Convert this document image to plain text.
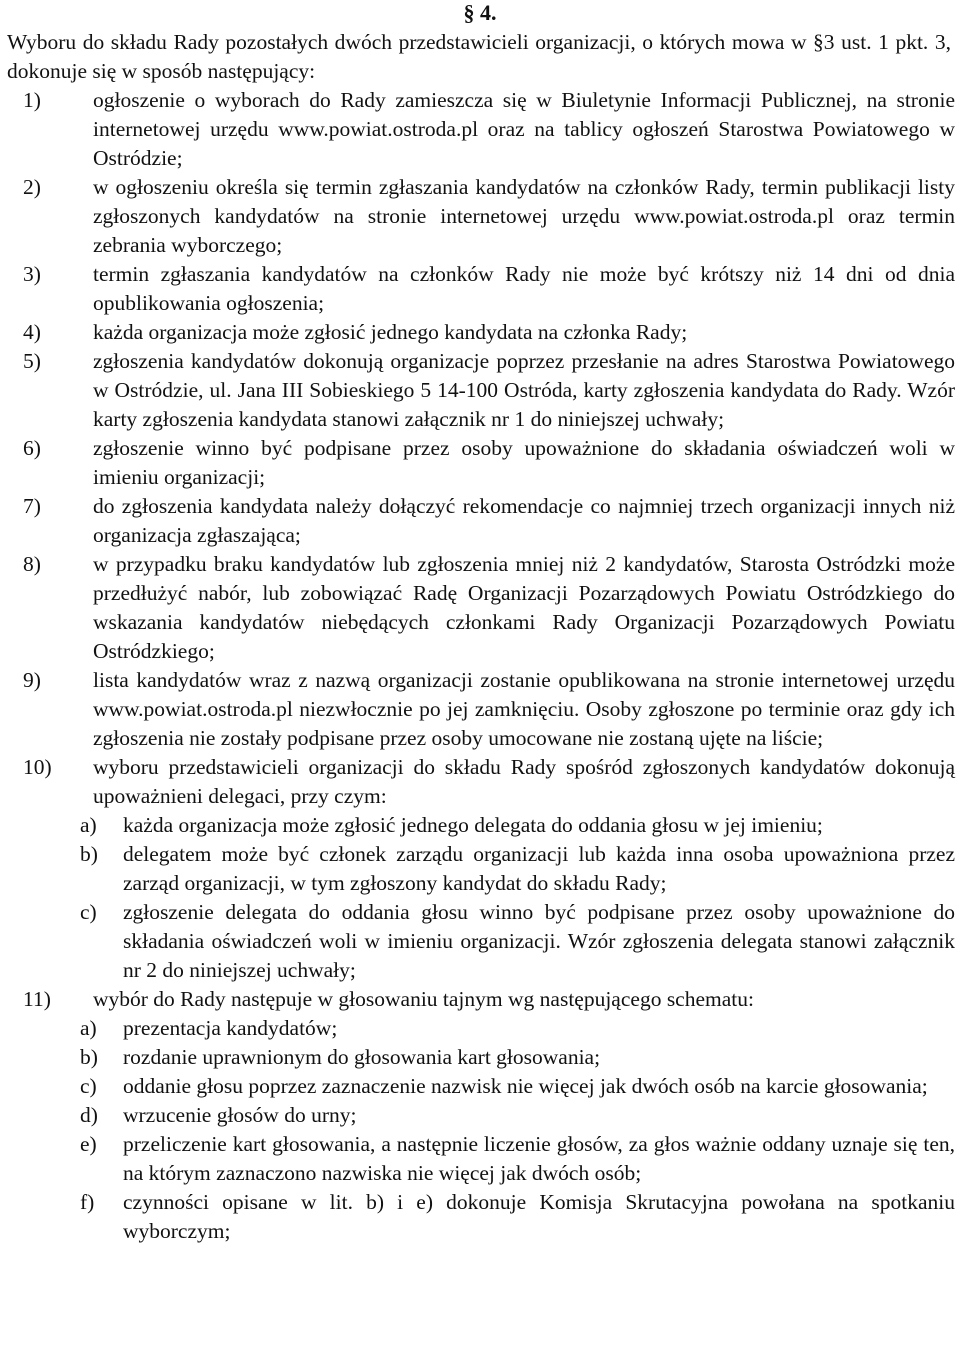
§ 4.
Wyboru do składu Rady pozostałych dwóch przedstawicieli organizacji, o których mowa w §3 ust. 1 pkt. 3, dokonuje się w sposób następujący:
1) ogłoszenie o wyborach do Rady zamieszcza się w Biuletynie Informacji Publicznej, na stronie internetowej urzędu www.powiat.ostroda.pl oraz na tablicy ogłoszeń Starostwa Powiatowego w Ostródzie;
2) w ogłoszeniu określa się termin zgłaszania kandydatów na członków Rady, termin publikacji listy zgłoszonych kandydatów na stronie internetowej urzędu www.powiat.ostroda.pl oraz termin zebrania wyborczego;
3) termin zgłaszania kandydatów na członków Rady nie może być krótszy niż 14 dni od dnia opublikowania ogłoszenia;
4) każda organizacja może zgłosić jednego kandydata na członka Rady;
5) zgłoszenia kandydatów dokonują organizacje poprzez przesłanie na adres Starostwa Powiatowego w Ostródzie, ul. Jana III Sobieskiego 5 14-100 Ostróda, karty zgłoszenia kandydata do Rady. Wzór karty zgłoszenia kandydata stanowi załącznik nr 1 do niniejszej uchwały;
6) zgłoszenie winno być podpisane przez osoby upoważnione do składania oświadczeń woli w imieniu organizacji;
7) do zgłoszenia kandydata należy dołączyć rekomendacje co najmniej trzech organizacji innych niż organizacja zgłaszająca;
8) w przypadku braku kandydatów lub zgłoszenia mniej niż 2 kandydatów, Starosta Ostródzki może przedłużyć nabór, lub zobowiązać Radę Organizacji Pozarządowych Powiatu Ostródzkiego do wskazania kandydatów niebędących członkami Rady Organizacji Pozarządowych Powiatu Ostródzkiego;
9) lista kandydatów wraz z nazwą organizacji zostanie opublikowana na stronie internetowej urzędu www.powiat.ostroda.pl niezwłocznie po jej zamknięciu. Osoby zgłoszone po terminie oraz gdy ich zgłoszenia nie zostały podpisane przez osoby umocowane nie zostaną ujęte na liście;
10) wyboru przedstawicieli organizacji do składu Rady spośród zgłoszonych kandydatów dokonują upoważnieni delegaci, przy czym:
a) każda organizacja może zgłosić jednego delegata do oddania głosu w jej imieniu;
b) delegatem może być członek zarządu organizacji lub każda inna osoba upoważniona przez zarząd organizacji, w tym zgłoszony kandydat do składu Rady;
c) zgłoszenie delegata do oddania głosu winno być podpisane przez osoby upoważnione do składania oświadczeń woli w imieniu organizacji. Wzór zgłoszenia delegata stanowi załącznik nr 2 do niniejszej uchwały;
11) wybór do Rady następuje w głosowaniu tajnym wg następującego schematu:
a) prezentacja kandydatów;
b) rozdanie uprawnionym do głosowania kart głosowania;
c) oddanie głosu poprzez zaznaczenie nazwisk nie więcej jak dwóch osób na karcie głosowania;
d) wrzucenie głosów do urny;
e) przeliczenie kart głosowania, a następnie liczenie głosów, za głos ważnie oddany uznaje się ten, na którym zaznaczono nazwiska nie więcej jak dwóch osób;
f) czynności opisane w lit. b) i e) dokonuje Komisja Skrutacyjna powołana na spotkaniu wyborczym;
